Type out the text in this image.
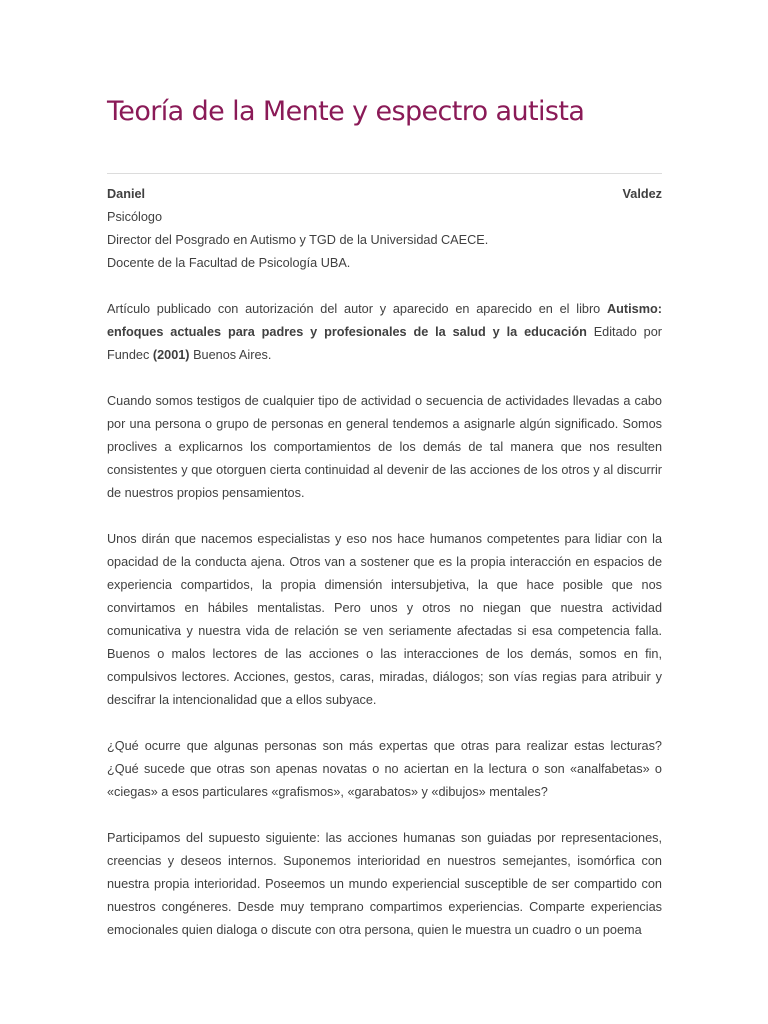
Teoría de la Mente y espectro autista

Daniel	Valdez
Psicólogo
Director del Posgrado en Autismo y TGD de la Universidad CAECE.
Docente de la Facultad de Psicología UBA.

Artículo publicado con autorización del autor y aparecido en aparecido en el libro Autismo: enfoques actuales para padres y profesionales de la salud y la educación Editado por Fundec (2001) Buenos Aires.

Cuando somos testigos de cualquier tipo de actividad o secuencia de actividades llevadas a cabo por una persona o grupo de personas en general tendemos a asignarle algún significado. Somos proclives a explicarnos los comportamientos de los demás de tal manera que nos resulten consistentes y que otorguen cierta continuidad al devenir de las acciones de los otros y al discurrir de nuestros propios pensamientos.

Unos dirán que nacemos especialistas y eso nos hace humanos competentes para lidiar con la opacidad de la conducta ajena. Otros van a sostener que es la propia interacción en espacios de experiencia compartidos, la propia dimensión intersubjetiva, la que hace posible que nos convirtamos en hábiles mentalistas. Pero unos y otros no niegan que nuestra actividad comunicativa y nuestra vida de relación se ven seriamente afectadas si esa competencia falla. Buenos o malos lectores de las acciones o las interacciones de los demás, somos en fin, compulsivos lectores. Acciones, gestos, caras, miradas, diálogos; son vías regias para atribuir y descifrar la intencionalidad que a ellos subyace.

¿Qué ocurre que algunas personas son más expertas que otras para realizar estas lecturas? ¿Qué sucede que otras son apenas novatas o no aciertan en la lectura o son «analfabetas» o «ciegas» a esos particulares «grafismos», «garabatos» y «dibujos» mentales?

Participamos del supuesto siguiente: las acciones humanas son guiadas por representaciones, creencias y deseos internos. Suponemos interioridad en nuestros semejantes, isomórfica con nuestra propia interioridad. Poseemos un mundo experiencial susceptible de ser compartido con nuestros congéneres. Desde muy temprano compartimos experiencias. Comparte experiencias emocionales quien dialoga o discute con otra persona, quien le muestra un cuadro o un poema
